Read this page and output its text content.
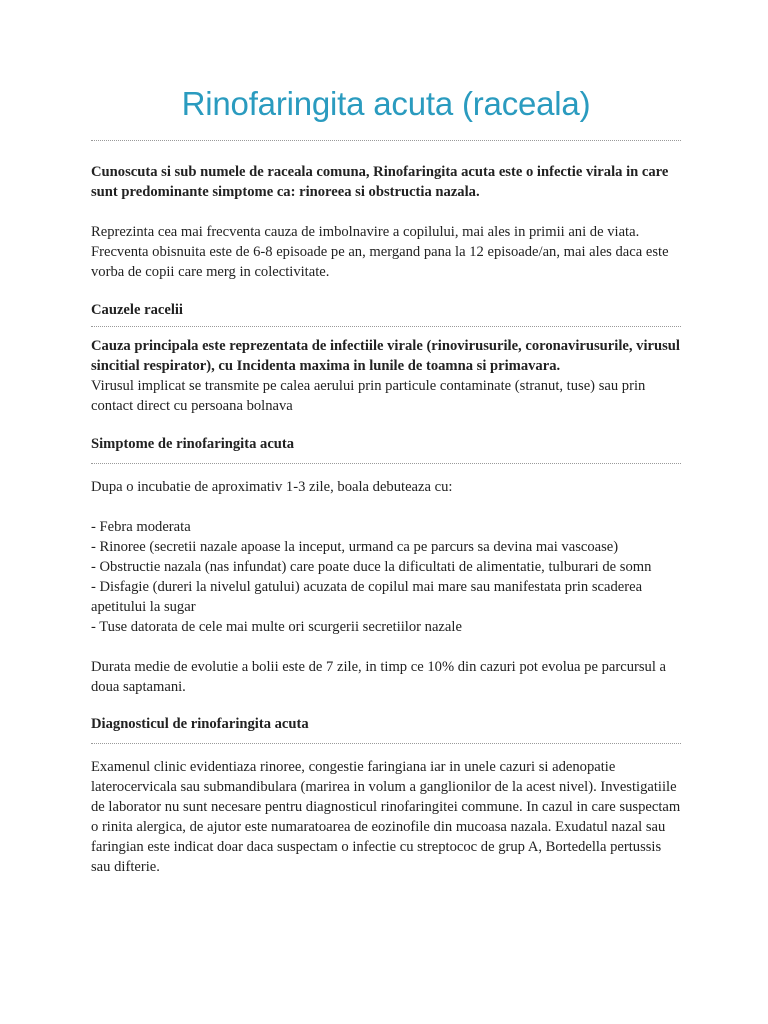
Rinofaringita acuta (raceala)

Cunoscuta si sub numele de raceala comuna, Rinofaringita acuta este o infectie virala in care sunt predominante simptome ca: rinoreea si obstructia nazala.

Reprezinta cea mai frecventa cauza de imbolnavire a copilului, mai ales in primii ani de viata. Frecventa obisnuita este de 6-8 episoade pe an, mergand pana la 12 episoade/an, mai ales daca este vorba de copii care merg in colectivitate.

Cauzele racelii

Cauza principala este reprezentata de infectiile virale (rinovirusurile, coronavirusurile, virusul sincitial respirator), cu Incidenta maxima in lunile de toamna si primavara.

Virusul implicat se transmite pe calea aerului prin particule contaminate (stranut, tuse) sau prin contact direct cu persoana bolnava

Simptome de rinofaringita acuta

Dupa o incubatie de aproximativ 1-3 zile, boala debuteaza cu:

- Febra moderata
- Rinoree (secretii nazale apoase la inceput, urmand ca pe parcurs sa devina mai vascoase)
- Obstructie nazala (nas infundat) care poate duce la dificultati de alimentatie, tulburari de somn
- Disfagie (dureri la nivelul gatului) acuzata de copilul mai mare sau manifestata prin scaderea apetitului la sugar
- Tuse datorata de cele mai multe ori scurgerii secretiilor nazale

Durata medie de evolutie a bolii este de 7 zile, in timp ce 10% din cazuri pot evolua pe parcursul a doua saptamani.

Diagnosticul de rinofaringita acuta

Examenul clinic evidentiaza rinoree, congestie faringiana iar in unele cazuri si adenopatie laterocervicala sau submandibulara (marirea in volum a ganglionilor de la acest nivel). Investigatiile de laborator nu sunt necesare pentru diagnosticul rinofaringitei commune. In cazul in care suspectam o rinita alergica, de ajutor este numaratoarea de eozinofile din mucoasa nazala. Exudatul nazal sau faringian este indicat doar daca suspectam o infectie cu streptococ de grup A, Bortedella pertussis sau difterie.
